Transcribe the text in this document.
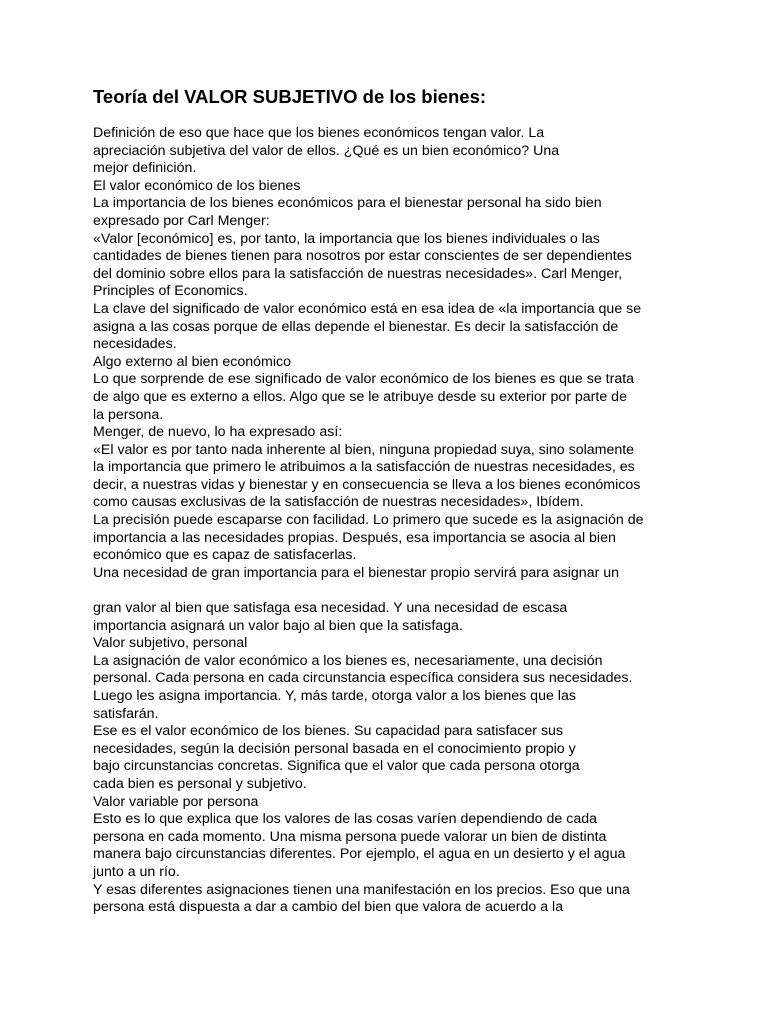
Teoría del VALOR SUBJETIVO de los bienes:
Definición de eso que hace que los bienes económicos tengan valor. La
apreciación subjetiva del valor de ellos. ¿Qué es un bien económico? Una
mejor definición.
El valor económico de los bienes
La importancia de los bienes económicos para el bienestar personal ha sido bien
expresado por Carl Menger:
«Valor [económico] es, por tanto, la importancia que los bienes individuales o las
cantidades de bienes tienen para nosotros por estar conscientes de ser dependientes
del dominio sobre ellos para la satisfacción de nuestras necesidades». Carl Menger,
Principles of Economics.
La clave del significado de valor económico está en esa idea de «la importancia que se
asigna a las cosas porque de ellas depende el bienestar. Es decir la satisfacción de
necesidades.
Algo externo al bien económico
Lo que sorprende de ese significado de valor económico de los bienes es que se trata
de algo que es externo a ellos. Algo que se le atribuye desde su exterior por parte de
la persona.
Menger, de nuevo, lo ha expresado así:
«El valor es por tanto nada inherente al bien, ninguna propiedad suya, sino solamente
la importancia que primero le atribuimos a la satisfacción de nuestras necesidades, es
decir, a nuestras vidas y bienestar y en consecuencia se lleva a los bienes económicos
como causas exclusivas de la satisfacción de nuestras necesidades», Ibídem.
La precisión puede escaparse con facilidad. Lo primero que sucede es la asignación de
importancia a las necesidades propias. Después, esa importancia se asocia al bien
económico que es capaz de satisfacerlas.
Una necesidad de gran importancia para el bienestar propio servirá para asignar un
gran valor al bien que satisfaga esa necesidad. Y una necesidad de escasa
importancia asignará un valor bajo al bien que la satisfaga.
Valor subjetivo, personal
La asignación de valor económico a los bienes es, necesariamente, una decisión
personal. Cada persona en cada circunstancia específica considera sus necesidades.
Luego les asigna importancia. Y, más tarde, otorga valor a los bienes que las
satisfarán.
Ese es el valor económico de los bienes. Su capacidad para satisfacer sus
necesidades, según la decisión personal basada en el conocimiento propio y
bajo circunstancias concretas. Significa que el valor que cada persona otorga
cada bien es personal y subjetivo.
Valor variable por persona
Esto es lo que explica que los valores de las cosas varíen dependiendo de cada
persona en cada momento. Una misma persona puede valorar un bien de distinta
manera bajo circunstancias diferentes. Por ejemplo, el agua en un desierto y el agua
junto a un río.
Y esas diferentes asignaciones tienen una manifestación en los precios. Eso que una
persona está dispuesta a dar a cambio del bien que valora de acuerdo a la
